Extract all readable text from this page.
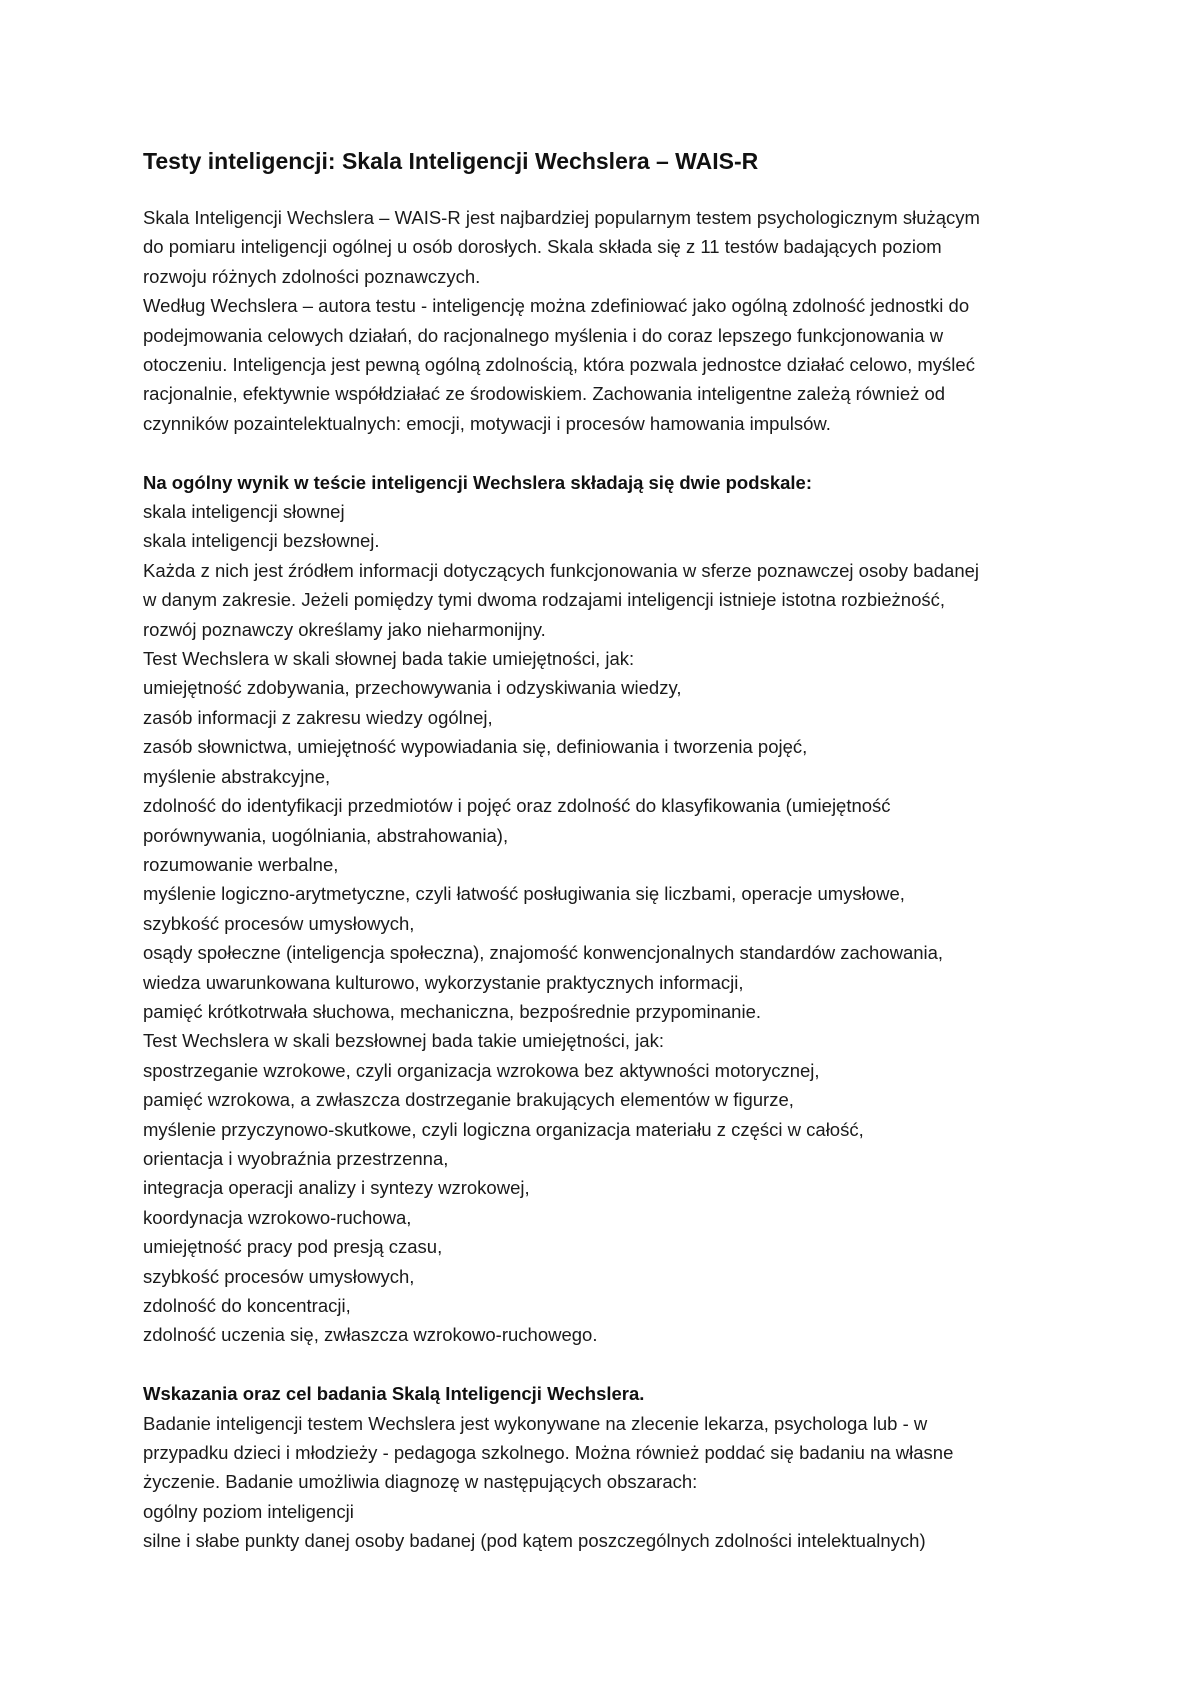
Testy inteligencji: Skala Inteligencji Wechslera – WAIS-R
Skala Inteligencji Wechslera – WAIS-R jest najbardziej popularnym testem psychologicznym służącym
do pomiaru inteligencji ogólnej u osób dorosłych. Skala składa się z 11 testów badających poziom
rozwoju różnych zdolności poznawczych.
Według Wechslera – autora testu - inteligencję można zdefiniować jako ogólną zdolność jednostki do
podejmowania celowych działań, do racjonalnego myślenia i do coraz lepszego funkcjonowania w
otoczeniu. Inteligencja jest pewną ogólną zdolnością, która pozwala jednostce działać celowo, myśleć
racjonalnie, efektywnie współdziałać ze środowiskiem. Zachowania inteligentne zależą również od
czynników pozaintelektualnych: emocji, motywacji i procesów hamowania impulsów.
Na ogólny wynik w teście inteligencji Wechslera składają się dwie podskale:
skala inteligencji słownej
skala inteligencji bezsłownej.
Każda z nich jest źródłem informacji dotyczących funkcjonowania w sferze poznawczej osoby badanej
w danym zakresie. Jeżeli pomiędzy tymi dwoma rodzajami inteligencji istnieje istotna rozbieżność,
rozwój poznawczy określamy jako nieharmonijny.
Test Wechslera w skali słownej bada takie umiejętności, jak:
umiejętność zdobywania, przechowywania i odzyskiwania wiedzy,
zasób informacji z zakresu wiedzy ogólnej,
zasób słownictwa, umiejętność wypowiadania się, definiowania i tworzenia pojęć,
myślenie abstrakcyjne,
zdolność do identyfikacji przedmiotów i pojęć oraz zdolność do klasyfikowania (umiejętność
porównywania, uogólniania, abstrahowania),
rozumowanie werbalne,
myślenie logiczno-arytmetyczne, czyli łatwość posługiwania się liczbami, operacje umysłowe,
szybkość procesów umysłowych,
osądy społeczne (inteligencja społeczna), znajomość konwencjonalnych standardów zachowania,
wiedza uwarunkowana kulturowo, wykorzystanie praktycznych informacji,
pamięć krótkotrwała słuchowa, mechaniczna, bezpośrednie przypominanie.
Test Wechslera w skali bezsłownej bada takie umiejętności, jak:
spostrzeganie wzrokowe, czyli organizacja wzrokowa bez aktywności motorycznej,
pamięć wzrokowa, a zwłaszcza dostrzeganie brakujących elementów w figurze,
myślenie przyczynowo-skutkowe, czyli logiczna organizacja materiału z części w całość,
orientacja i wyobraźnia przestrzenna,
integracja operacji analizy i syntezy wzrokowej,
koordynacja wzrokowo-ruchowa,
umiejętność pracy pod presją czasu,
szybkość procesów umysłowych,
zdolność do koncentracji,
zdolność uczenia się, zwłaszcza wzrokowo-ruchowego.
Wskazania oraz cel badania Skalą Inteligencji Wechslera.
Badanie inteligencji testem Wechslera jest wykonywane na zlecenie lekarza, psychologa lub - w
przypadku dzieci i młodzieży - pedagoga szkolnego. Można również poddać się badaniu na własne
życzenie. Badanie umożliwia diagnozę w następujących obszarach:
ogólny poziom inteligencji
silne i słabe punkty danej osoby badanej (pod kątem poszczególnych zdolności intelektualnych)
